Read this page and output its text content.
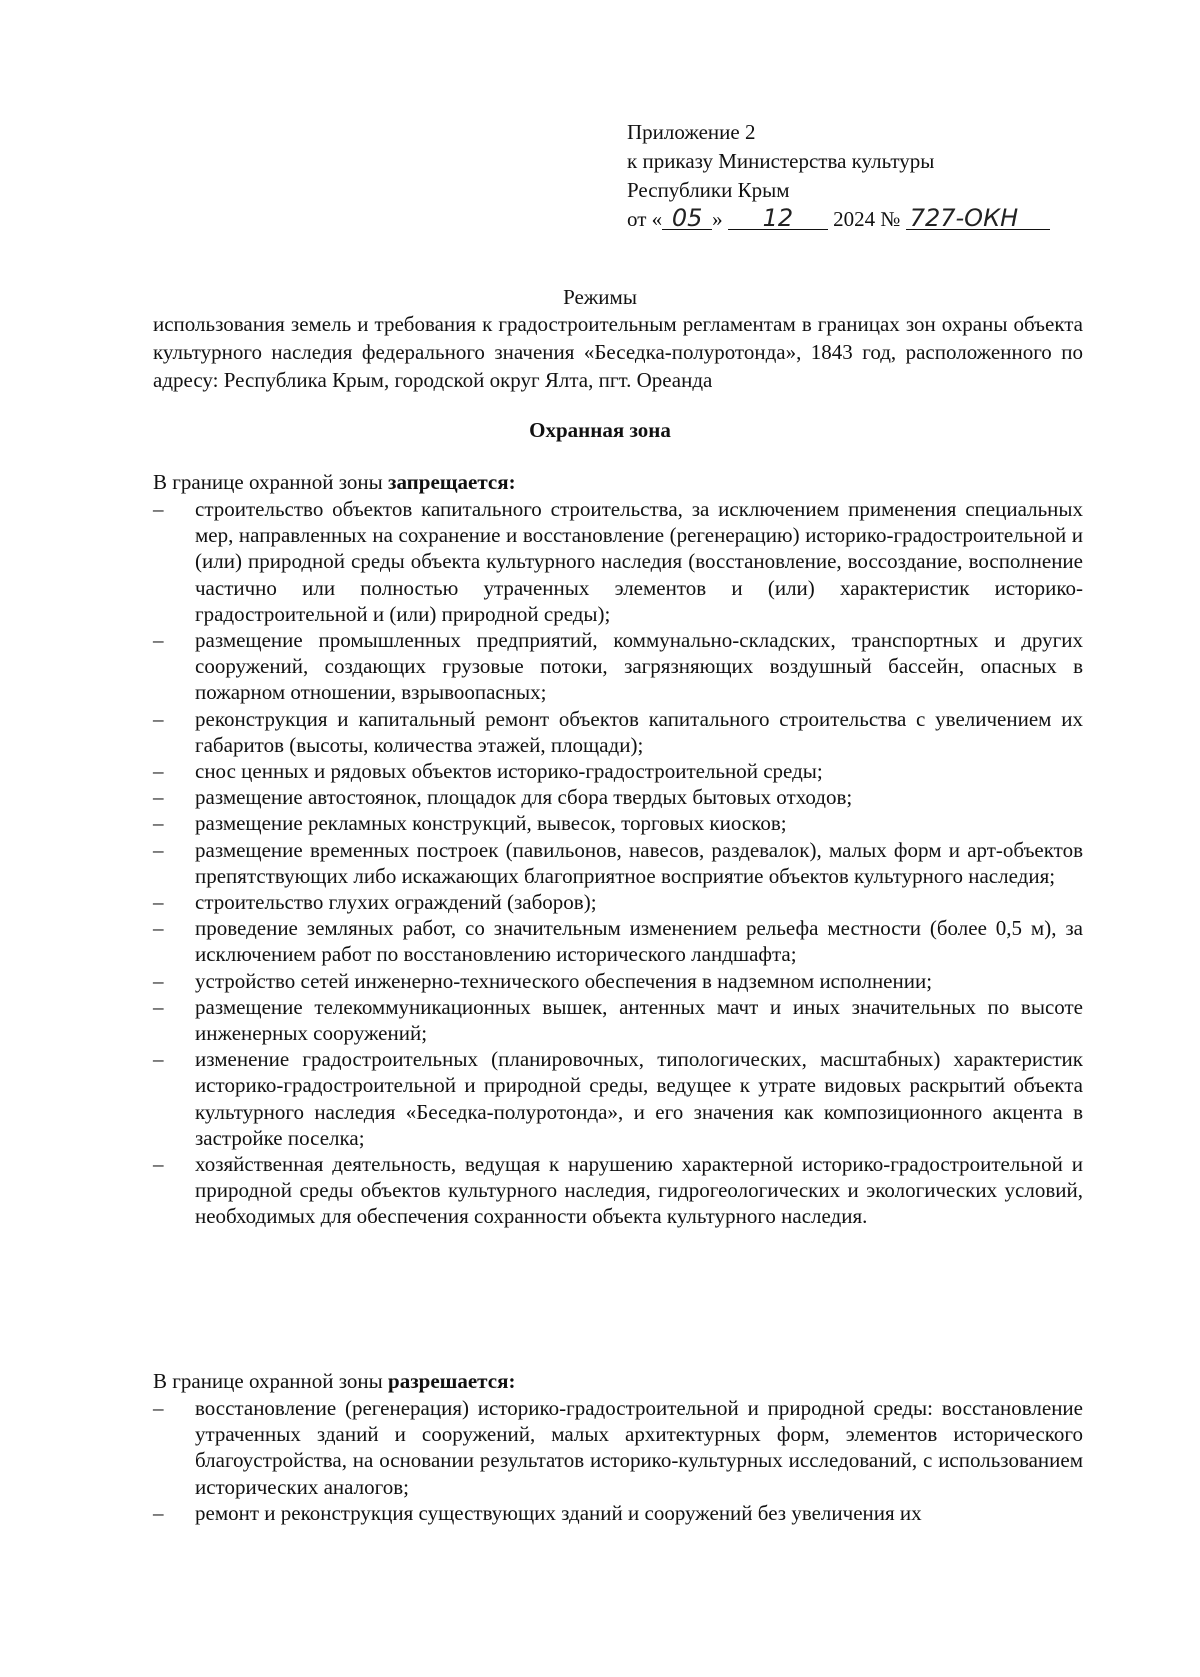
Приложение 2
к приказу Министерства культуры
Республики Крым
от « 05 » 12 2024 № 727-ОКН
Режимы
использования земель и требования к градостроительным регламентам в границах зон охраны объекта культурного наследия федерального значения «Беседка-полуротонда», 1843 год, расположенного по адресу: Республика Крым, городской округ Ялта, пгт. Ореанда
Охранная зона
В границе охранной зоны запрещается:
– строительство объектов капитального строительства, за исключением применения специальных мер, направленных на сохранение и восстановление (регенерацию) историко-градостроительной и (или) природной среды объекта культурного наследия (восстановление, воссоздание, восполнение частично или полностью утраченных элементов и (или) характеристик историко-градостроительной и (или) природной среды);
– размещение промышленных предприятий, коммунально-складских, транспортных и других сооружений, создающих грузовые потоки, загрязняющих воздушный бассейн, опасных в пожарном отношении, взрывоопасных;
– реконструкция и капитальный ремонт объектов капитального строительства с увеличением их габаритов (высоты, количества этажей, площади);
– снос ценных и рядовых объектов историко-градостроительной среды;
– размещение автостоянок, площадок для сбора твердых бытовых отходов;
– размещение рекламных конструкций, вывесок, торговых киосков;
– размещение временных построек (павильонов, навесов, раздевалок), малых форм и арт-объектов препятствующих либо искажающих благоприятное восприятие объектов культурного наследия;
– строительство глухих ограждений (заборов);
– проведение земляных работ, со значительным изменением рельефа местности (более 0,5 м), за исключением работ по восстановлению исторического ландшафта;
– устройство сетей инженерно-технического обеспечения в надземном исполнении;
– размещение телекоммуникационных вышек, антенных мачт и иных значительных по высоте инженерных сооружений;
– изменение градостроительных (планировочных, типологических, масштабных) характеристик историко-градостроительной и природной среды, ведущее к утрате видовых раскрытий объекта культурного наследия «Беседка-полуротонда», и его значения как композиционного акцента в застройке поселка;
– хозяйственная деятельность, ведущая к нарушению характерной историко-градостроительной и природной среды объектов культурного наследия, гидрогеологических и экологических условий, необходимых для обеспечения сохранности объекта культурного наследия.
В границе охранной зоны разрешается:
– восстановление (регенерация) историко-градостроительной и природной среды: восстановление утраченных зданий и сооружений, малых архитектурных форм, элементов исторического благоустройства, на основании результатов историко-культурных исследований, с использованием исторических аналогов;
– ремонт и реконструкция существующих зданий и сооружений без увеличения их
